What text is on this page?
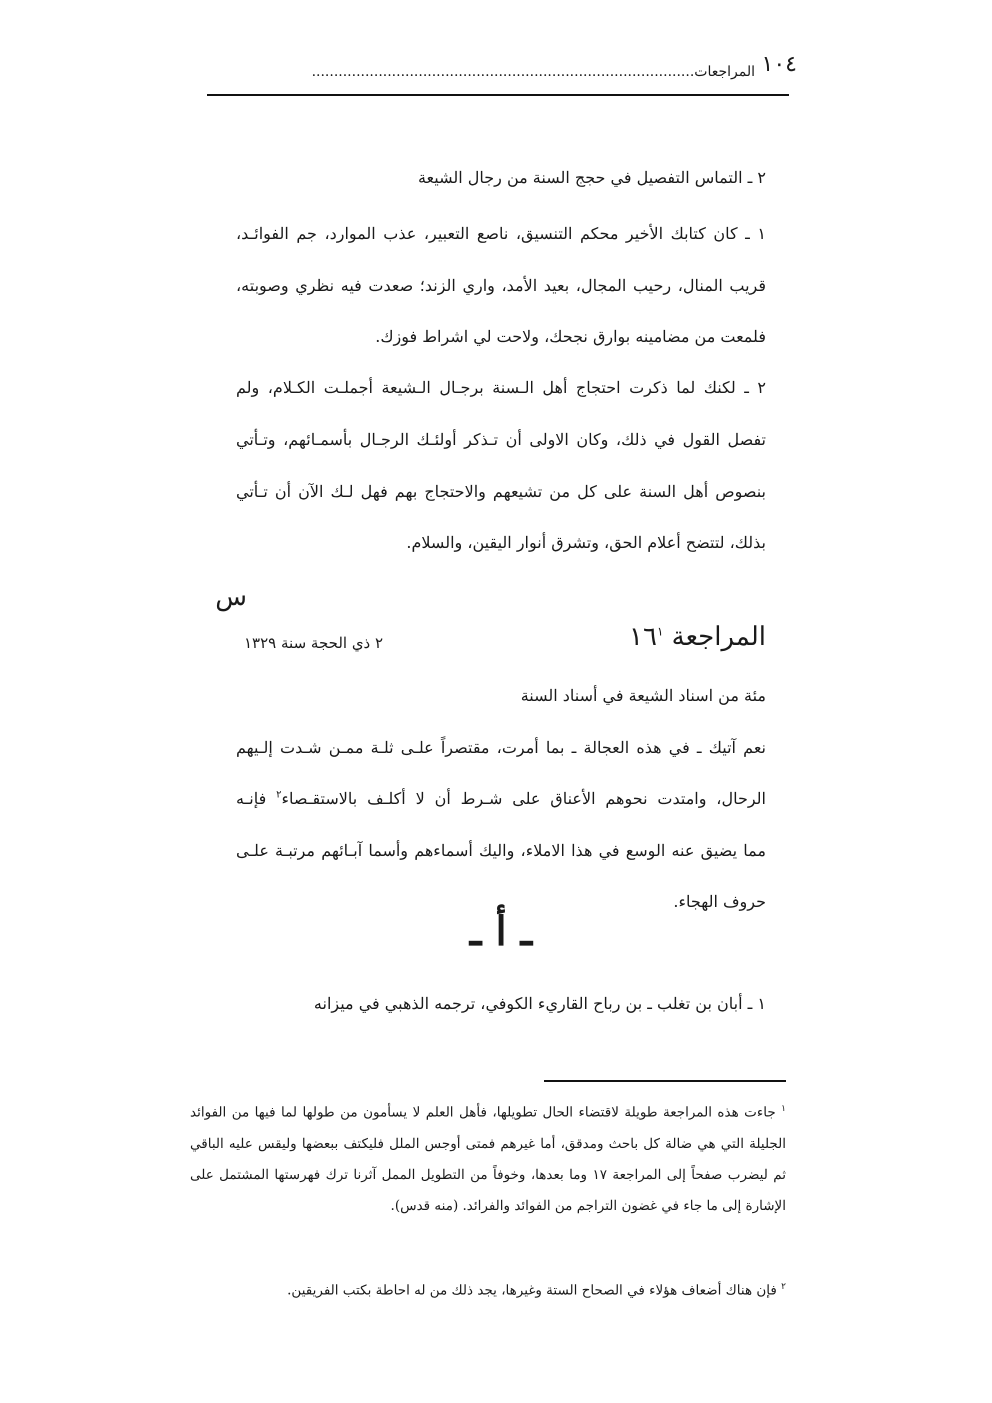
١٠٤
المراجعات......................................................................................
٢ ـ التماس التفصيل في حجج السنة من رجال الشيعة
١ ـ كان كتابك الأخير محكم التنسيق، ناصع التعبير، عذب الموارد، جم الفوائـد،
قريب المنال، رحيب المجال، بعيد الأمد، واري الزند؛ صعدت فيه نظري وصوبته،
فلمعت من مضامينه بوارق نجحك، ولاحت لي اشراط فوزك.
٢ ـ لكنك لما ذكرت احتجاج أهل الـسنة برجـال الـشيعة أجملـت الكـلام، ولم
تفصل القول في ذلك، وكان الاولى أن تـذكر أولئـك الرجـال بأسمـائهم، وتـأتي
بنصوص أهل السنة على كل من تشيعهم والاحتجاج بهم فهل لـك الآن أن تـأتي
بذلك، لتتضح أعلام الحق، وتشرق أنوار اليقين، والسلام.
س
المراجعة $١٦^١$
٢ ذي الحجة سنة ١٣٢٩
مئة من اسناد الشيعة في أسناد السنة
نعم آتيك ـ في هذه العجالة ـ بما أمرت، مقتصراً علـى ثلـة ممـن شـدت إلـيهم
الرحال، وامتدت نحوهم الأعناق على شـرط أن لا أكلـف بالاستقـصاء$^٢$ فإنـه
مما يضيق عنه الوسع في هذا الاملاء، واليك أسماءهم وأسما آبـائهم مرتبـة علـى
حروف الهجاء.
ـ أ ـ
١ ـ أبان بن تغلب ـ بن رباح القاريء الكوفي، ترجمه الذهبي في ميزانه
$^١$ جاءت هذه المراجعة طويلة لاقتضاء الحال تطويلها، فأهل العلم لا يسأمون من طولها لما فيها من الفوائد الجليلة التي هي ضالة كل باحث ومدقق، أما غيرهم فمتى أوجس الملل فليكتف ببعضها وليقس عليه الباقي ثم ليضرب صفحاً إلى المراجعة ١٧ وما بعدها، وخوفاً من التطويل الممل آثرنا ترك فهرستها المشتمل على الإشارة إلى ما جاء في غضون التراجم من الفوائد والفرائد. (منه قدس).
$^٢$ فإن هناك أضعاف هؤلاء في الصحاح الستة وغيرها، يجد ذلك من له احاطة بكتب الفريقين.
